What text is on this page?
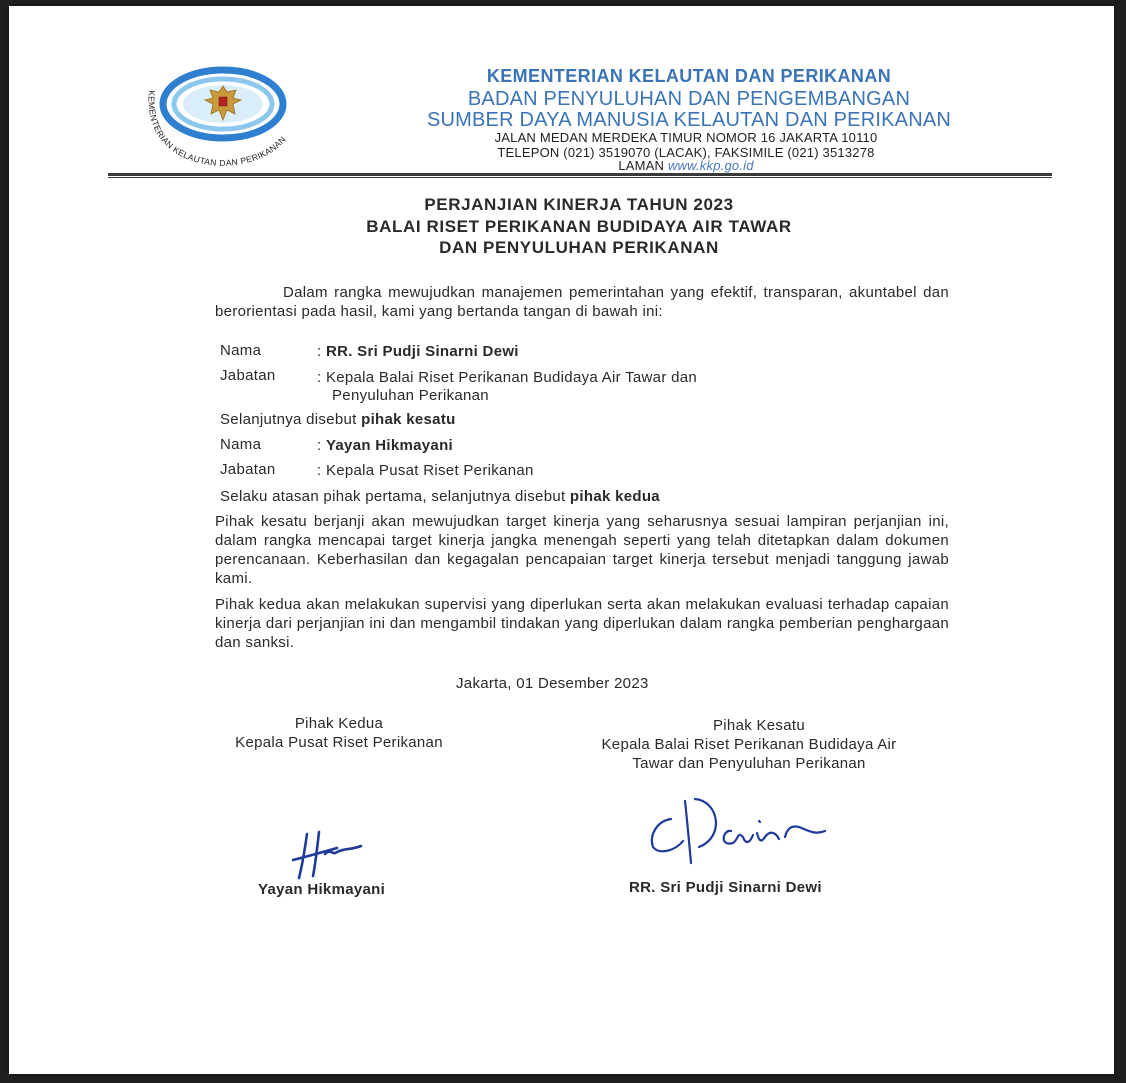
KEMENTERIAN KELAUTAN DAN PERIKANAN
KEMENTERIAN KELAUTAN DAN PERIKANAN
BADAN PENYULUHAN DAN PENGEMBANGAN
SUMBER DAYA MANUSIA KELAUTAN DAN PERIKANAN
JALAN MEDAN MERDEKA TIMUR NOMOR 16 JAKARTA 10110
TELEPON (021) 3519070 (LACAK), FAKSIMILE (021) 3513278
LAMAN www.kkp.go.id
PERJANJIAN KINERJA TAHUN 2023
BALAI RISET PERIKANAN BUDIDAYA AIR TAWAR
DAN PENYULUHAN PERIKANAN
Dalam rangka mewujudkan manajemen pemerintahan yang efektif, transparan, akuntabel dan berorientasi pada hasil, kami yang bertanda tangan di bawah ini:
Nama	: RR. Sri Pudji Sinarni Dewi
Jabatan	: Kepala Balai Riset Perikanan Budidaya Air Tawar dan
Penyuluhan Perikanan
Selanjutnya disebut pihak kesatu
Nama	: Yayan Hikmayani
Jabatan	: Kepala Pusat Riset Perikanan
Selaku atasan pihak pertama, selanjutnya disebut pihak kedua
Pihak kesatu berjanji akan mewujudkan target kinerja yang seharusnya sesuai lampiran perjanjian ini, dalam rangka mencapai target kinerja jangka menengah seperti yang telah ditetapkan dalam dokumen perencanaan. Keberhasilan dan kegagalan pencapaian target kinerja tersebut menjadi tanggung jawab kami.
Pihak kedua akan melakukan supervisi yang diperlukan serta akan melakukan evaluasi terhadap capaian kinerja dari perjanjian ini dan mengambil tindakan yang diperlukan dalam rangka pemberian penghargaan dan sanksi.
Jakarta, 01 Desember 2023
Pihak Kedua
Kepala Pusat Riset Perikanan
Yayan Hikmayani
Pihak Kesatu
Kepala Balai Riset Perikanan Budidaya Air
Tawar dan Penyuluhan Perikanan
RR. Sri Pudji Sinarni Dewi
